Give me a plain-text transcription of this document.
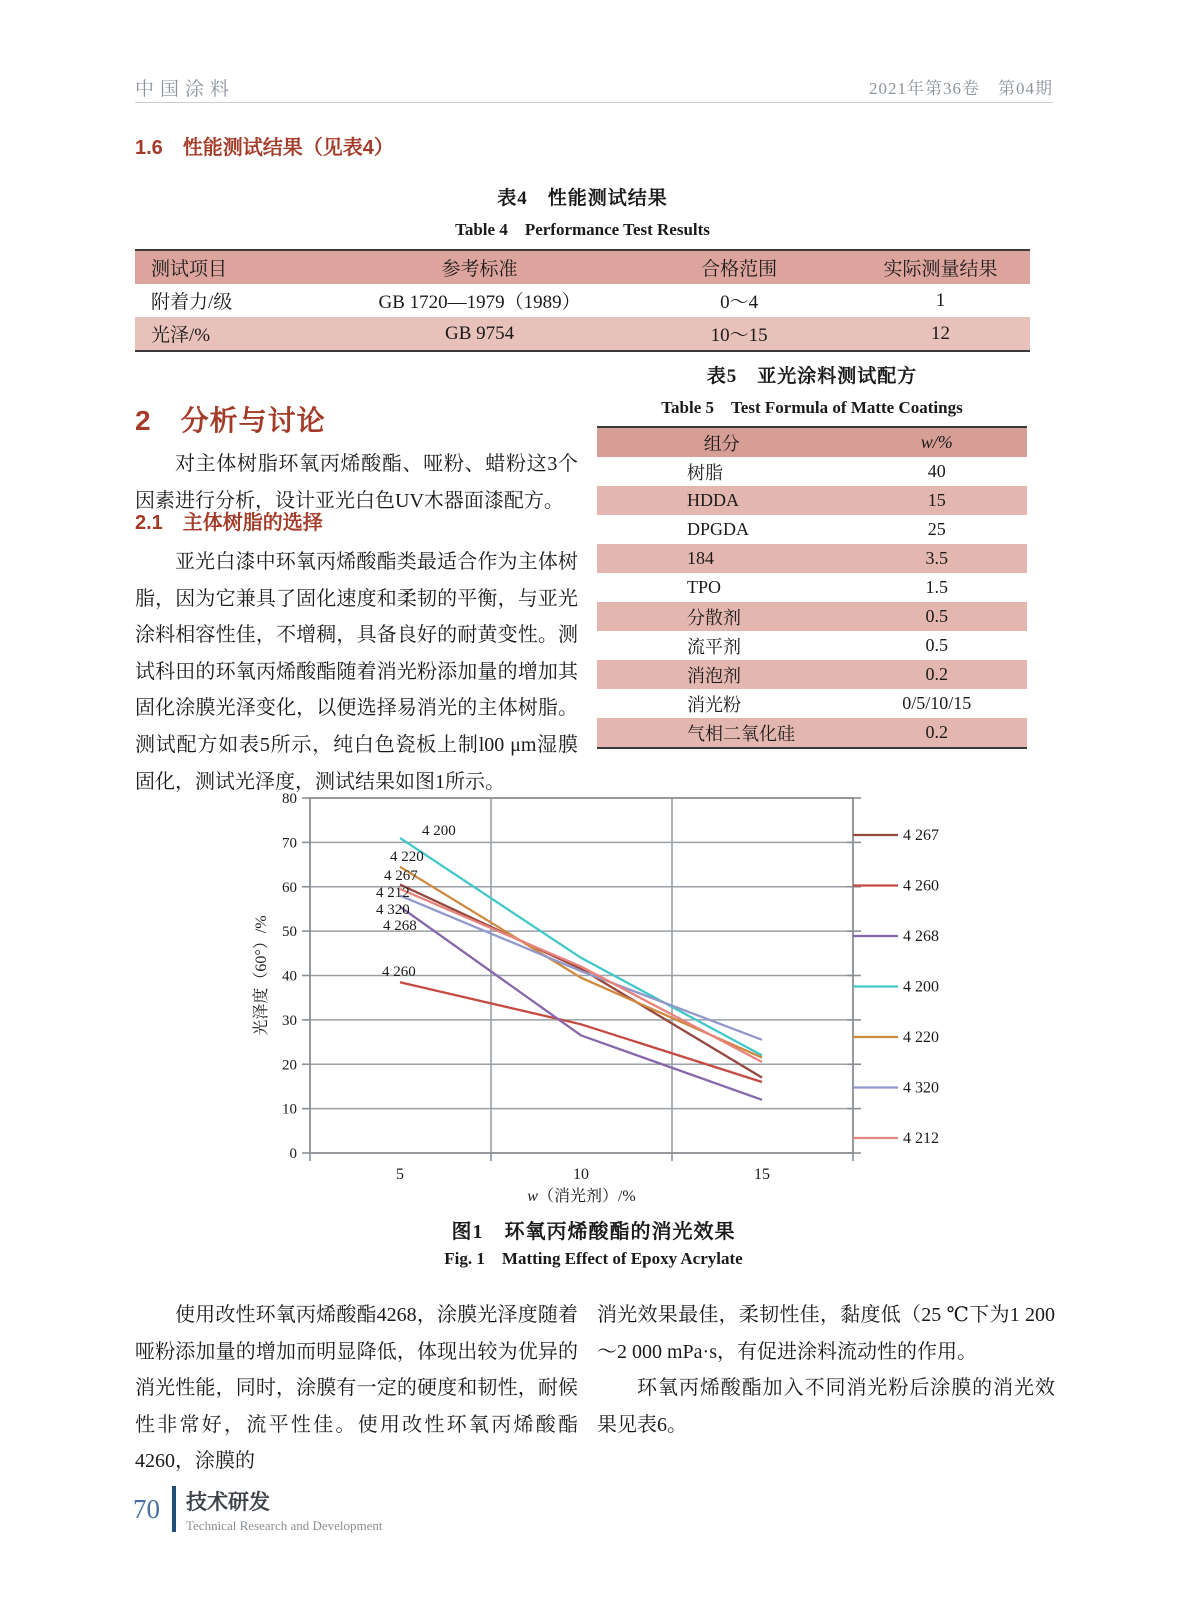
中国涂料	2021年第36卷　第04期
1.6　性能测试结果（见表4）
表4　性能测试结果
Table 4　Performance Test Results
测试项目	参考标准	合格范围	实际测量结果

附着力/级	GB 1720—1979（1989）	0～4	1
光泽/%	GB 9754	10～15	12
2　分析与讨论
对主体树脂环氧丙烯酸酯、哑粉、蜡粉这3个因素进行分析，设计亚光白色UV木器面漆配方。
2.1　主体树脂的选择
亚光白漆中环氧丙烯酸酯类最适合作为主体树脂，因为它兼具了固化速度和柔韧的平衡，与亚光涂料相容性佳，不增稠，具备良好的耐黄变性。测试科田的环氧丙烯酸酯随着消光粉添加量的增加其固化涂膜光泽变化，以便选择易消光的主体树脂。测试配方如表5所示，纯白色瓷板上制l00 μm湿膜固化，测试光泽度，测试结果如图1所示。
表5　亚光涂料测试配方
Table 5　Test Formula of Matte Coatings
组分	w/%

树脂	40
HDDA	15
DPGDA	25
184	3.5
TPO	1.5
分散剂	0.5
流平剂	0.5
消泡剂	0.2
消光粉	0/5/10/15
气相二氧化硅	0.2
0
10
20
30
40
50
60
70
80
5	10	15
光泽度（60°）/%
w（消光剂）/%
4 267
4 260
4 268
4 200
4 220
4 320
4 212
4 267
4 260
4 268
4 200
4 220
4 320
4 212
图1　环氧丙烯酸酯的消光效果
Fig. 1　Matting Effect of Epoxy Acrylate
使用改性环氧丙烯酸酯4268，涂膜光泽度随着哑粉添加量的增加而明显降低，体现出较为优异的消光性能，同时，涂膜有一定的硬度和韧性，耐候性非常好，流平性佳。使用改性环氧丙烯酸酯4260，涂膜的

消光效果最佳，柔韧性佳，黏度低（25 ℃下为1 200～2 000 mPa·s，有促进涂料流动性的作用。

环氧丙烯酸酯加入不同消光粉后涂膜的消光效果见表6。

70 技术研发
Technical Research and Development
